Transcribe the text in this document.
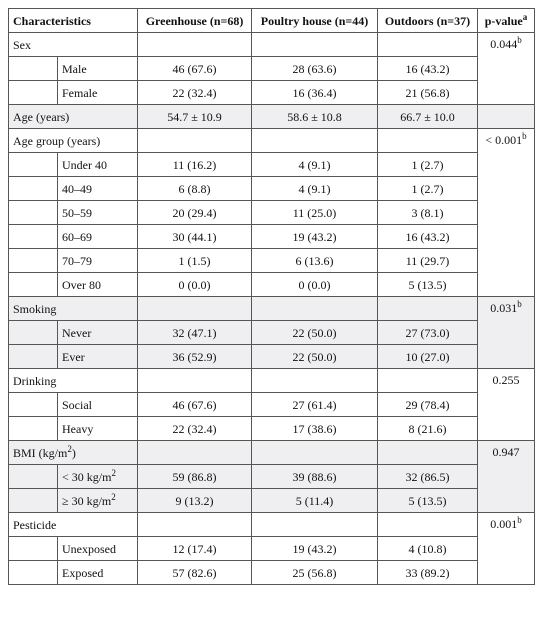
Characteristics		Greenhouse (n=68)	Poultry house (n=44)	Outdoors (n=37)	p-value$^a$
Sex					0.044$^b$
	Male	46 (67.6)	28 (63.6)	16 (43.2)	
	Female	22 (32.4)	16 (36.4)	21 (56.8)	
Age (years)		54.7 ± 10.9	58.6 ± 10.8	66.7 ± 10.0	
Age group (years)					< 0.001$^b$
	Under 40	11 (16.2)	4 (9.1)	1 (2.7)	
	40–49	6 (8.8)	4 (9.1)	1 (2.7)	
	50–59	20 (29.4)	11 (25.0)	3 (8.1)	
	60–69	30 (44.1)	19 (43.2)	16 (43.2)	
	70–79	1 (1.5)	6 (13.6)	11 (29.7)	
	Over 80	0 (0.0)	0 (0.0)	5 (13.5)	
Smoking					0.031$^b$
	Never	32 (47.1)	22 (50.0)	27 (73.0)	
	Ever	36 (52.9)	22 (50.0)	10 (27.0)	
Drinking					0.255
	Social	46 (67.6)	27 (61.4)	29 (78.4)	
	Heavy	22 (32.4)	17 (38.6)	8 (21.6)	
BMI $(kg/m^2)$					0.947
	< 30 $kg/m^2$	59 (86.8)	39 (88.6)	32 (86.5)	
	≥ 30 $kg/m^2$	9 (13.2)	5 (11.4)	5 (13.5)	
Pesticide					0.001$^b$
	Unexposed	12 (17.4)	19 (43.2)	4 (10.8)	
	Exposed	57 (82.6)	25 (56.8)	33 (89.2)	
